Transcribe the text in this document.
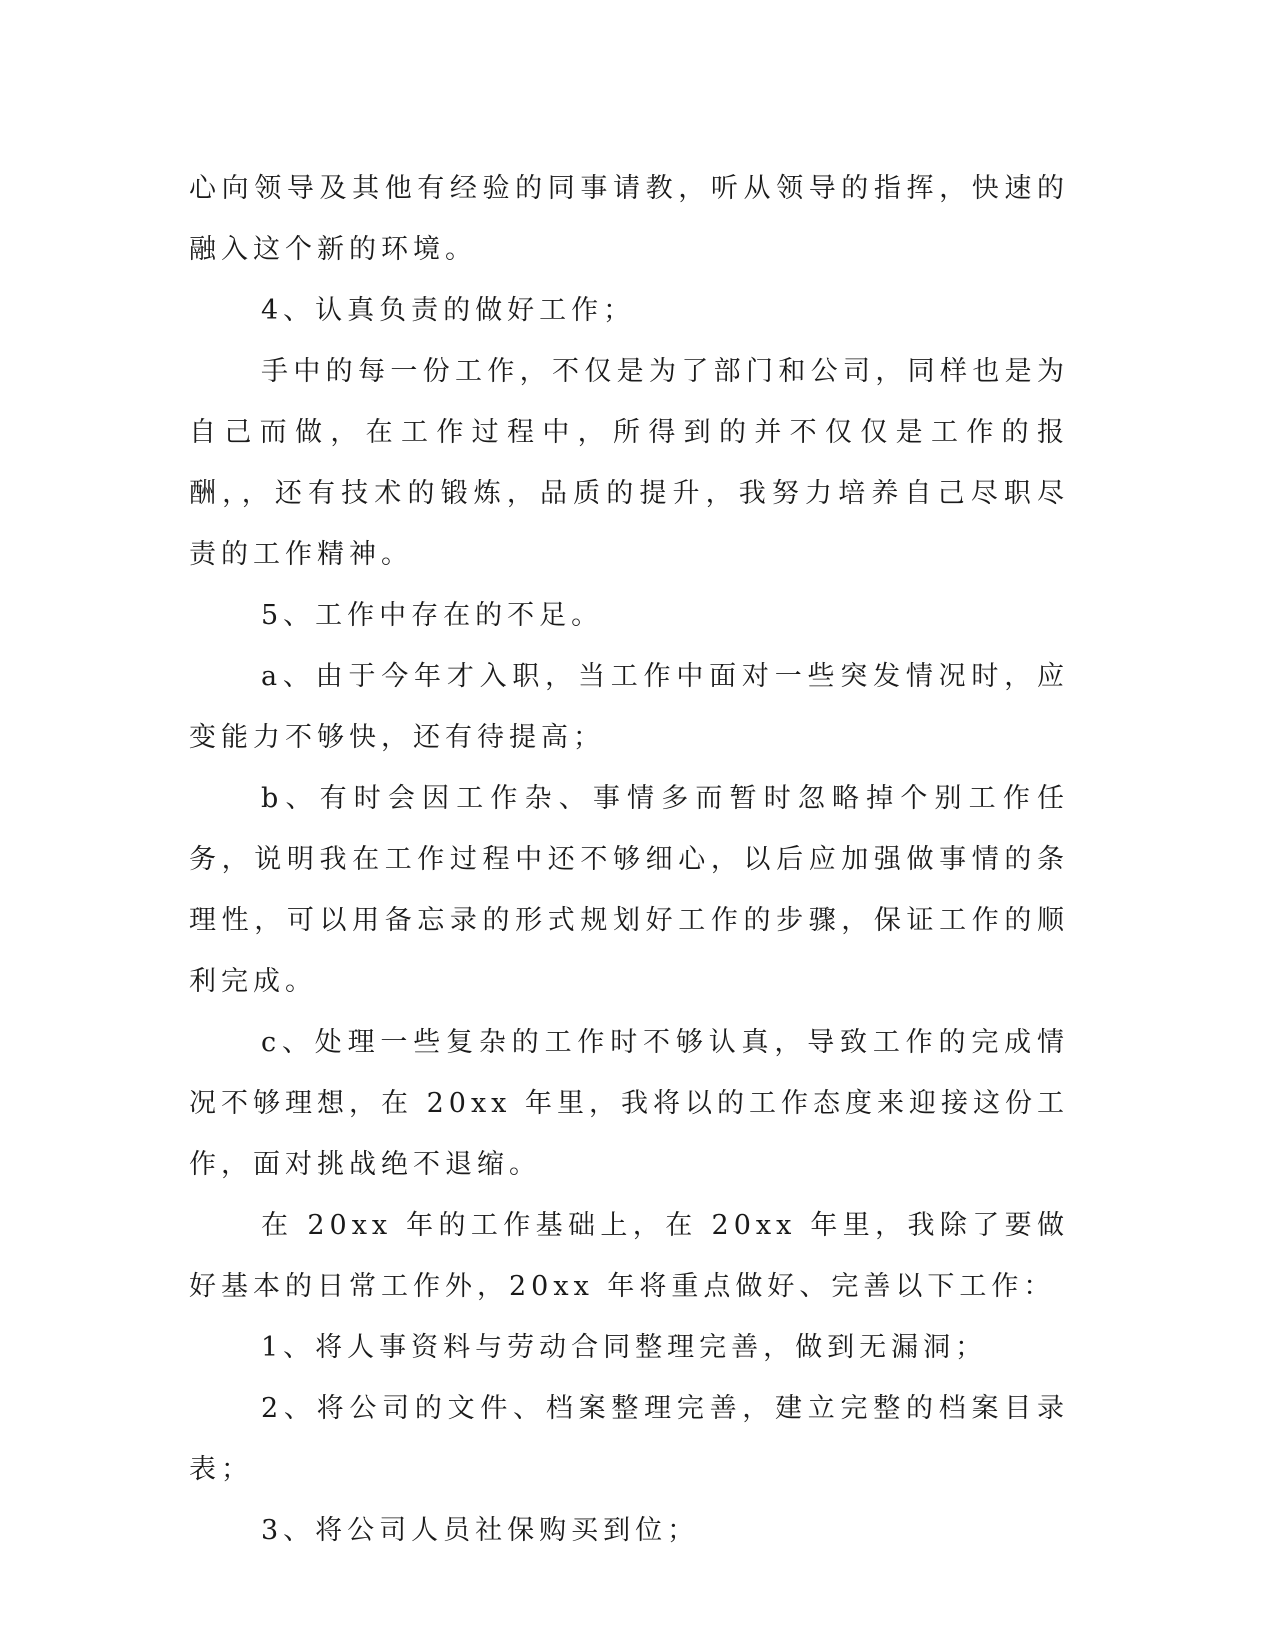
心向领导及其他有经验的同事请教，听从领导的指挥，快速的融入这个新的环境。

4、认真负责的做好工作；

手中的每一份工作，不仅是为了部门和公司，同样也是为自己而做，在工作过程中，所得到的并不仅仅是工作的报酬，，还有技术的锻炼，品质的提升，我努力培养自己尽职尽责的工作精神。

5、工作中存在的不足。

a、由于今年才入职，当工作中面对一些突发情况时，应变能力不够快，还有待提高；

b、有时会因工作杂、事情多而暂时忽略掉个别工作任务，说明我在工作过程中还不够细心，以后应加强做事情的条理性，可以用备忘录的形式规划好工作的步骤，保证工作的顺利完成。

c、处理一些复杂的工作时不够认真，导致工作的完成情况不够理想，在 20xx 年里，我将以的工作态度来迎接这份工作，面对挑战绝不退缩。

在 20xx 年的工作基础上，在 20xx 年里，我除了要做好基本的日常工作外，20xx 年将重点做好、完善以下工作：

1、将人事资料与劳动合同整理完善，做到无漏洞；

2、将公司的文件、档案整理完善，建立完整的档案目录表；

3、将公司人员社保购买到位；
